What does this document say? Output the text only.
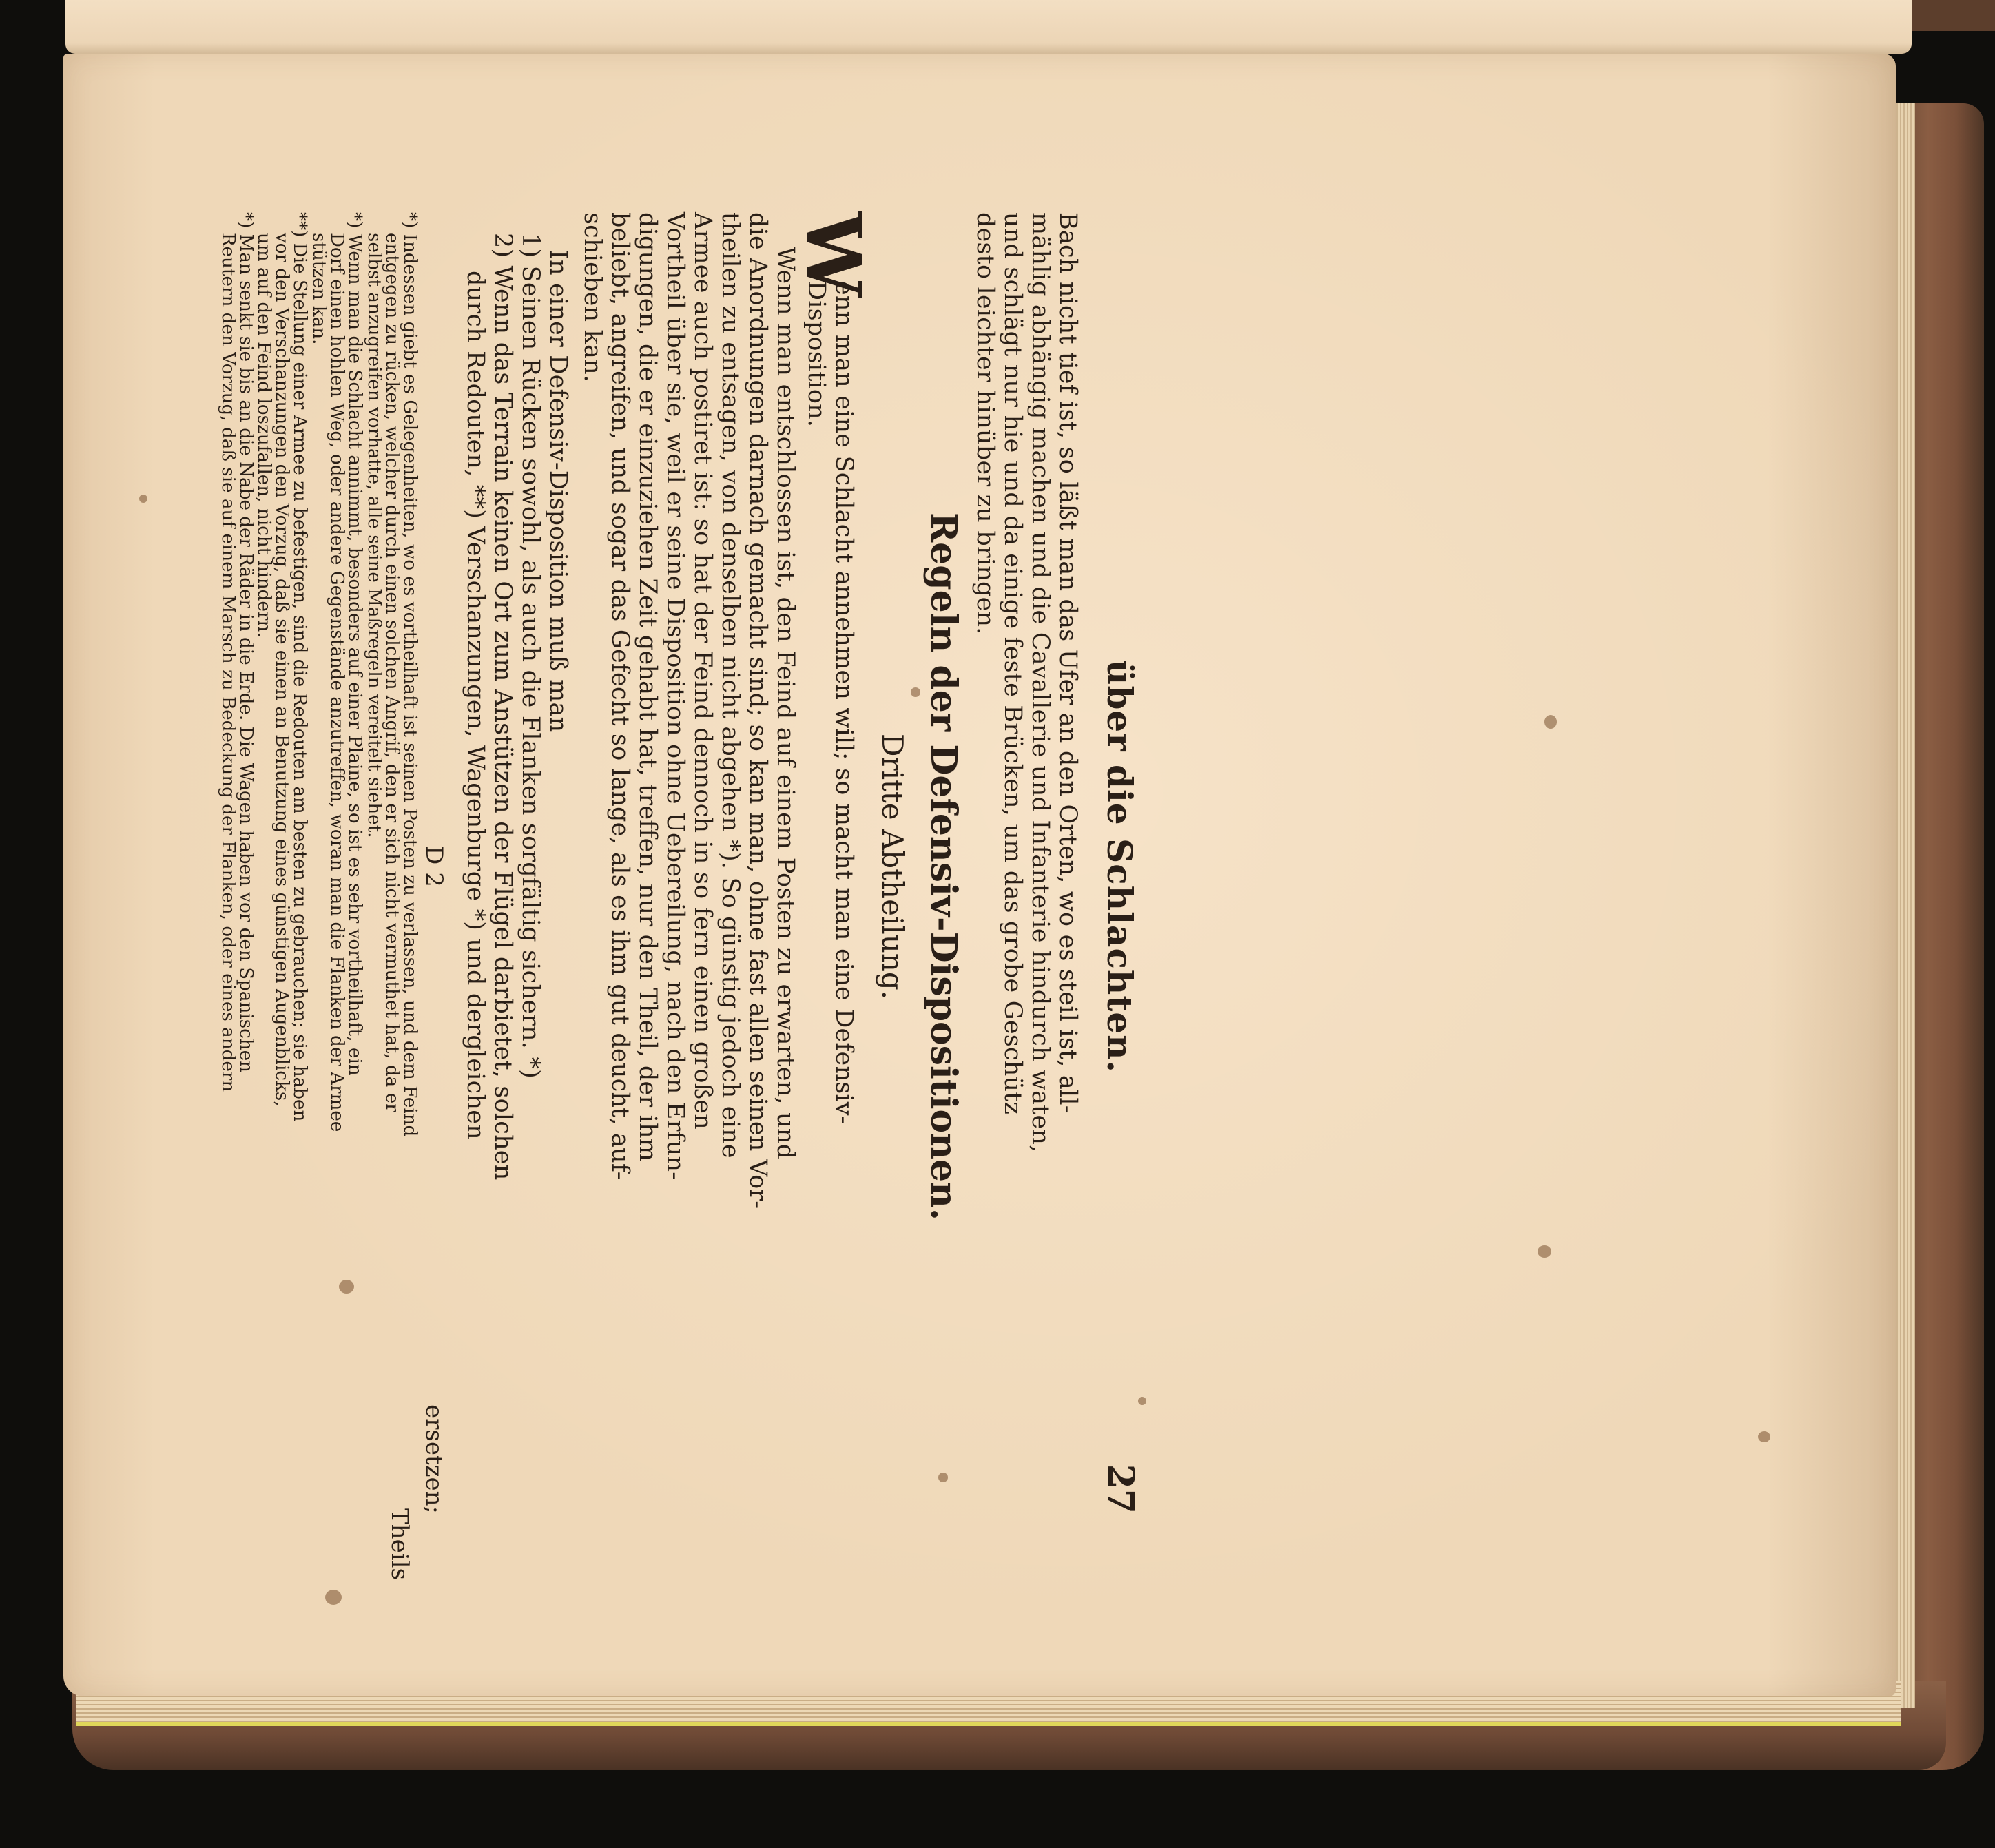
über die Schlachten.
27
Bach nicht tief ist, so läßt man das Ufer an den Orten, wo es steil ist, all-
mählig abhängig machen und die Cavallerie und Infanterie hindurch waten,
und schlägt nur hie und da einige feste Brücken, um das grobe Geschütz
desto leichter hinüber zu bringen.
Regeln der Defensiv-Dispositionen.
Dritte Abtheilung.
W
enn man eine Schlacht annehmen will; so macht man eine Defensiv-
Disposition.
Wenn man entschlossen ist, den Feind auf einem Posten zu erwarten, und
die Anordnungen darnach gemacht sind; so kan man, ohne fast allen seinen Vor-
theilen zu entsagen, von denselben nicht abgehen *). So günstig jedoch eine
Armee auch postiret ist: so hat der Feind dennoch in so fern einen großen
Vortheil über sie, weil er seine Disposition ohne Uebereilung, nach den Erfun-
digungen, die er einzuziehen Zeit gehabt hat, treffen, nur den Theil, der ihm
beliebt, angreifen, und sogar das Gefecht so lange, als es ihm gut deucht, auf-
schieben kan.
In einer Defensiv-Disposition muß man
1) Seinen Rücken sowohl, als auch die Flanken sorgfältig sichern. *)
2) Wenn das Terrain keinen Ort zum Anstützen der Flügel darbietet, solchen
durch Redouten, **) Verschanzungen, Wagenburge *) und dergleichen
D 2
ersetzen;
*) Indessen giebt es Gelegenheiten, wo es vortheilhaft ist seinen Posten zu verlassen, und dem Feind
entgegen zu rücken, welcher durch einen solchen Angrif, den er sich nicht vermuthet hat, da er
selbst anzugreifen vorhatte, alle seine Maßregeln vereitelt siehet.
*) Wenn man die Schlacht annimmt, besonders auf einer Plaine, so ist es sehr vortheilhaft, ein
Dorf einen hohlen Weg, oder andere Gegenstände anzutreffen, woran man die Flanken der Armee
stützen kan.
**) Die Stellung einer Armee zu befestigen, sind die Redouten am besten zu gebrauchen; sie haben
vor den Verschanzungen den Vorzug, daß sie einen an Benutzung eines günstigen Augenblicks,
um auf den Feind loszufallen, nicht hindern.
*) Man senkt sie bis an die Nabe der Räder in die Erde. Die Wagen haben vor den Spanischen
Reutern den Vorzug, daß sie auf einem Marsch zu Bedeckung der Flanken, oder eines andern
Theils
